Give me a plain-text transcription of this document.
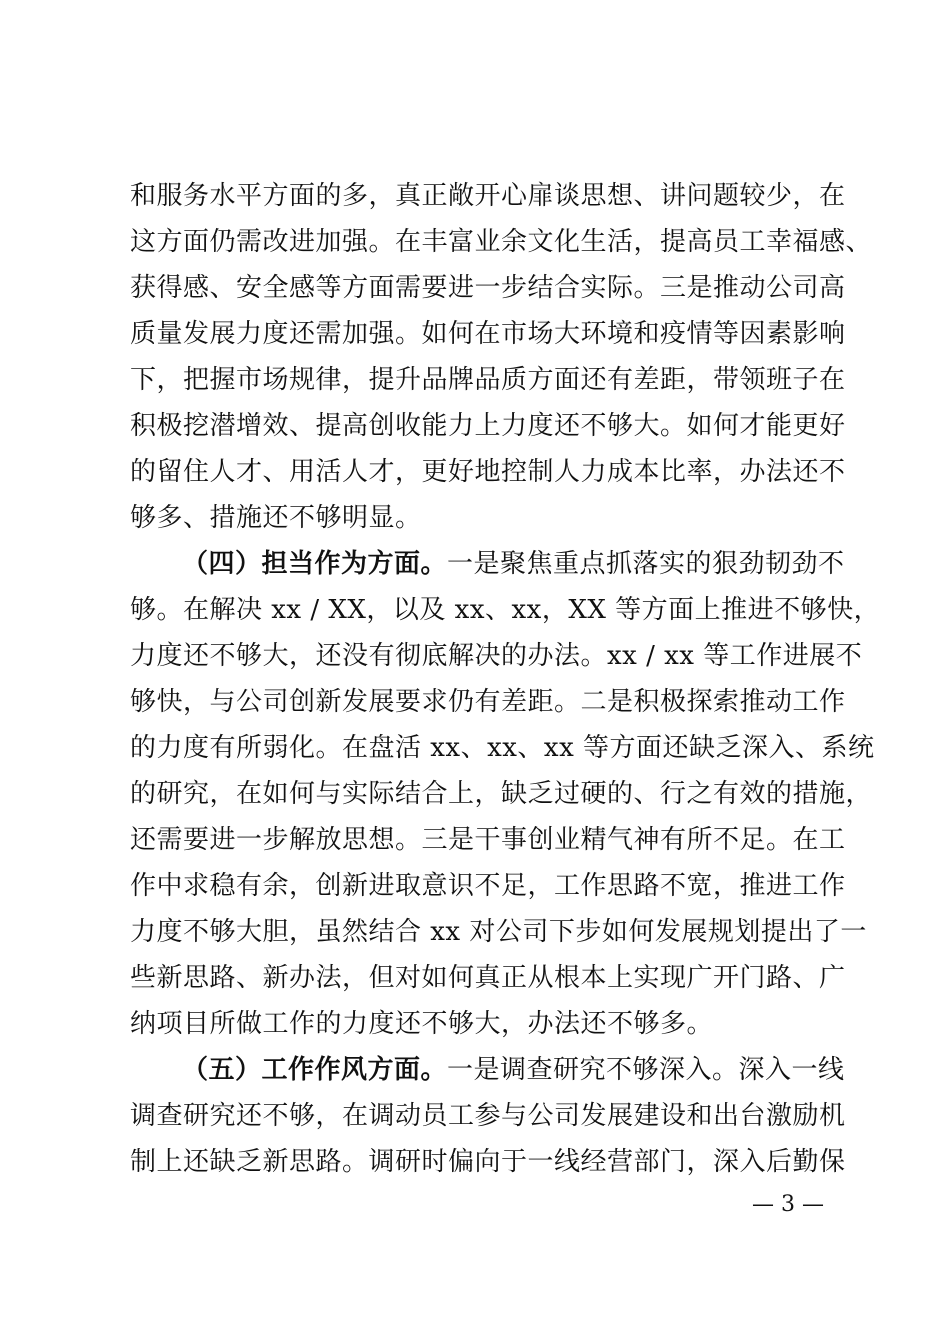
和服务水平方面的多，真正敞开心扉谈思想、讲问题较少，在
这方面仍需改进加强。在丰富业余文化生活，提高员工幸福感、
获得感、安全感等方面需要进一步结合实际。三是推动公司高
质量发展力度还需加强。如何在市场大环境和疫情等因素影响
下，把握市场规律，提升品牌品质方面还有差距，带领班子在
积极挖潜增效、提高创收能力上力度还不够大。如何才能更好
的留住人才、用活人才，更好地控制人力成本比率，办法还不
够多、措施还不够明显。
（四）担当作为方面。一是聚焦重点抓落实的狠劲韧劲不
够。在解决 xx / XX，以及 xx、xx，XX 等方面上推进不够快，
力度还不够大，还没有彻底解决的办法。xx / xx 等工作进展不
够快，与公司创新发展要求仍有差距。二是积极探索推动工作
的力度有所弱化。在盘活 xx、xx、xx 等方面还缺乏深入、系统
的研究，在如何与实际结合上，缺乏过硬的、行之有效的措施，
还需要进一步解放思想。三是干事创业精气神有所不足。在工
作中求稳有余，创新进取意识不足，工作思路不宽，推进工作
力度不够大胆，虽然结合 xx 对公司下步如何发展规划提出了一
些新思路、新办法，但对如何真正从根本上实现广开门路、广
纳项目所做工作的力度还不够大，办法还不够多。
（五）工作作风方面。一是调查研究不够深入。深入一线
调查研究还不够，在调动员工参与公司发展建设和出台激励机
制上还缺乏新思路。调研时偏向于一线经营部门，深入后勤保
— 3 —
